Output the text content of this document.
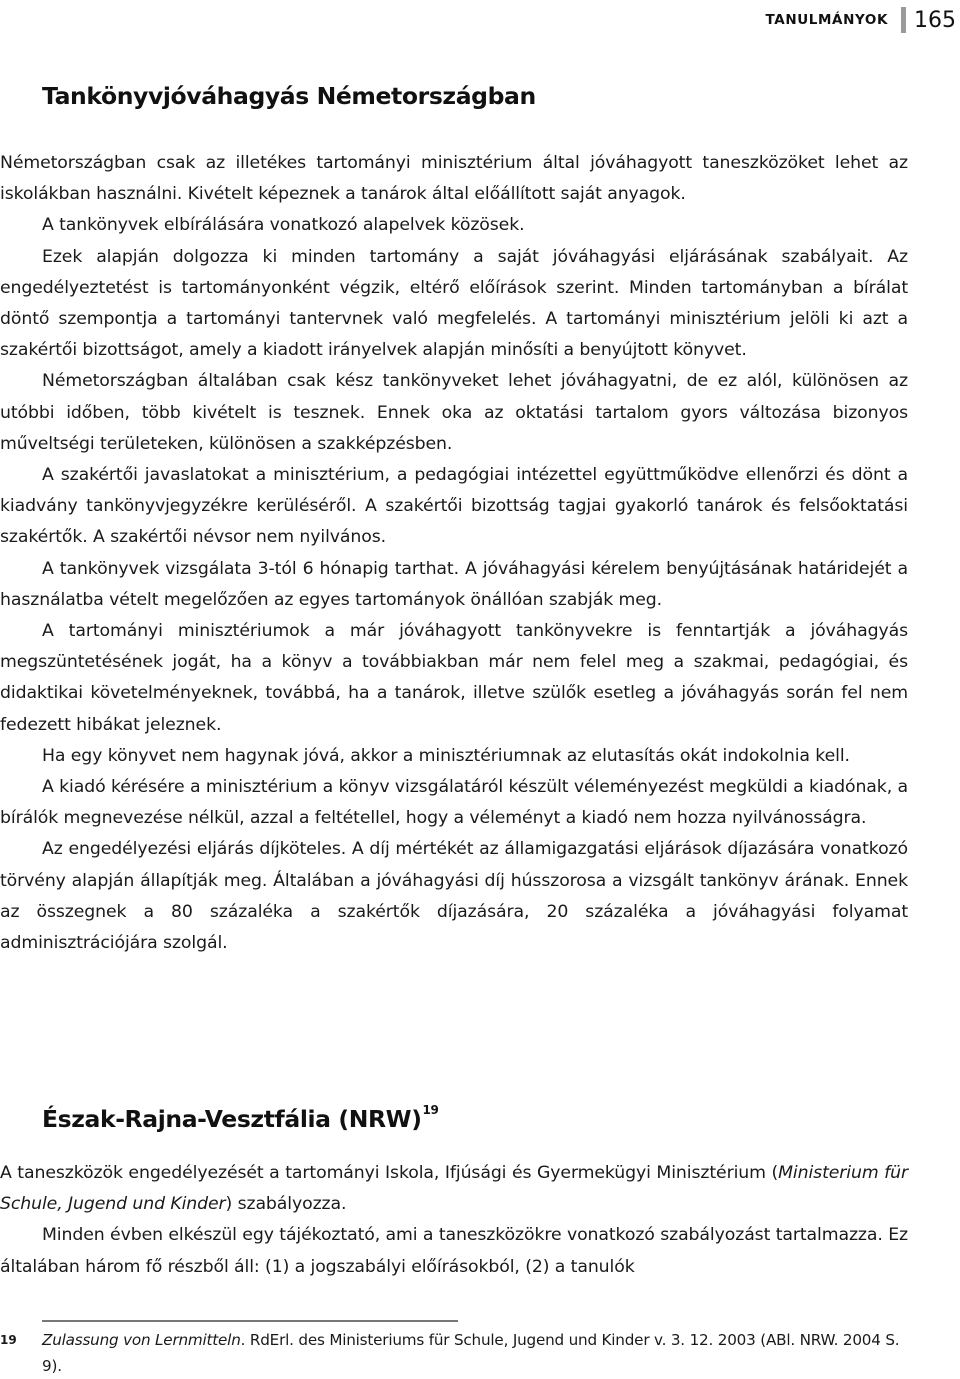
TANULMÁNYOK 165
Tankönyvjóváhagyás Németországban

Németországban csak az illetékes tartományi minisztérium által jóváhagyott taneszközöket lehet az iskolákban használni. Kivételt képeznek a tanárok által előállított saját anyagok.

A tankönyvek elbírálására vonatkozó alapelvek közösek.

Ezek alapján dolgozza ki minden tartomány a saját jóváhagyási eljárásának szabályait. Az engedélyeztetést is tartományonként végzik, eltérő előírások szerint. Minden tartományban a bírálat döntő szempontja a tartományi tantervnek való megfelelés. A tartományi minisztérium jelöli ki azt a szakértői bizottságot, amely a kiadott irányelvek alapján minősíti a benyújtott könyvet.

Németországban általában csak kész tankönyveket lehet jóváhagyatni, de ez alól, különösen az utóbbi időben, több kivételt is tesznek. Ennek oka az oktatási tartalom gyors változása bizonyos műveltségi területeken, különösen a szakképzésben.

A szakértői javaslatokat a minisztérium, a pedagógiai intézettel együttműködve ellenőrzi és dönt a kiadvány tankönyvjegyzékre kerüléséről. A szakértői bizottság tagjai gyakorló tanárok és felsőoktatási szakértők. A szakértői névsor nem nyilvános.

A tankönyvek vizsgálata 3-tól 6 hónapig tarthat. A jóváhagyási kérelem benyújtásának határidejét a használatba vételt megelőzően az egyes tartományok önállóan szabják meg.

A tartományi minisztériumok a már jóváhagyott tankönyvekre is fenntartják a jóváhagyás megszüntetésének jogát, ha a könyv a továbbiakban már nem felel meg a szakmai, pedagógiai, és didaktikai követelményeknek, továbbá, ha a tanárok, illetve szülők esetleg a jóváhagyás során fel nem fedezett hibákat jeleznek.

Ha egy könyvet nem hagynak jóvá, akkor a minisztériumnak az elutasítás okát indokolnia kell.

A kiadó kérésére a minisztérium a könyv vizsgálatáról készült véleményezést megküldi a kiadónak, a bírálók megnevezése nélkül, azzal a feltétellel, hogy a véleményt a kiadó nem hozza nyilvánosságra.

Az engedélyezési eljárás díjköteles. A díj mértékét az államigazgatási eljárások díjazására vonatkozó törvény alapján állapítják meg. Általában a jóváhagyási díj hússzorosa a vizsgált tankönyv árának. Ennek az összegnek a 80 százaléka a szakértők díjazására, 20 százaléka a jóváhagyási folyamat adminisztrációjára szolgál.

Észak-Rajna-Vesztfália (NRW)$^{19}$

A taneszközök engedélyezését a tartományi Iskola, Ifjúsági és Gyermekügyi Minisztérium (Ministerium für Schule, Jugend und Kinder) szabályozza.

Minden évben elkészül egy tájékoztató, ami a taneszközökre vonatkozó szabályozást tartalmazza. Ez általában három fő részből áll: (1) a jogszabályi előírásokból, (2) a tanulók

19 Zulassung von Lernmitteln. RdErl. des Ministeriums für Schule, Jugend und Kinder v. 3. 12. 2003 (ABl. NRW. 2004 S. 9).
